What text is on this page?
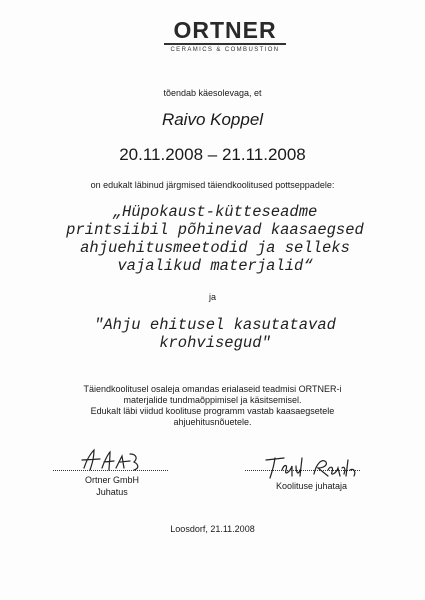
ORTNER
CERAMICS & COMBUSTION
tõendab käesolevaga, et
Raivo Koppel
20.11.2008 – 21.11.2008
on edukalt läbinud järgmised täiendkoolitused pottseppadele:
„Hüpokaust-kütteseadme
printsiibil põhinevad kaasaegsed
ahjuehitusmeetodid ja selleks
vajalikud materjalid“
ja
"Ahju ehitusel kasutatavad
krohvisegud"
Täiendkoolitusel osaleja omandas erialaseid teadmisi ORTNER-i
materjalide tundmaõppimisel ja käsitsemisel.
Edukalt läbi viidud koolituse programm vastab kaasaegsetele
ahjuehitusnõuetele.
Ortner GmbH
Juhatus
Koolituse juhataja
Loosdorf, 21.11.2008
